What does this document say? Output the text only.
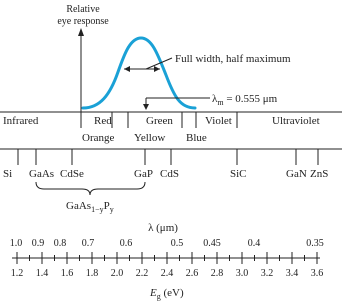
Relative
eye response
Full width, half maximum
$\lambda_m = 0.555$ μm
Infrared	Red
Orange Yellow
Green
Blue
Violet	Ultraviolet
Si GaAs CdSe	GaP CdS	SiC	GaN ZnS
$GaAs_{1-y}P_y$
λ (μm)
1.0 0.9 0.8 0.7	0.6	0.5 0.45	0.4	0.35
1.2 1.4 1.6 1.8 2.0 2.2 2.4 2.6 2.8 3.0 3.2 3.4 3.6
$E_g$ (eV)
